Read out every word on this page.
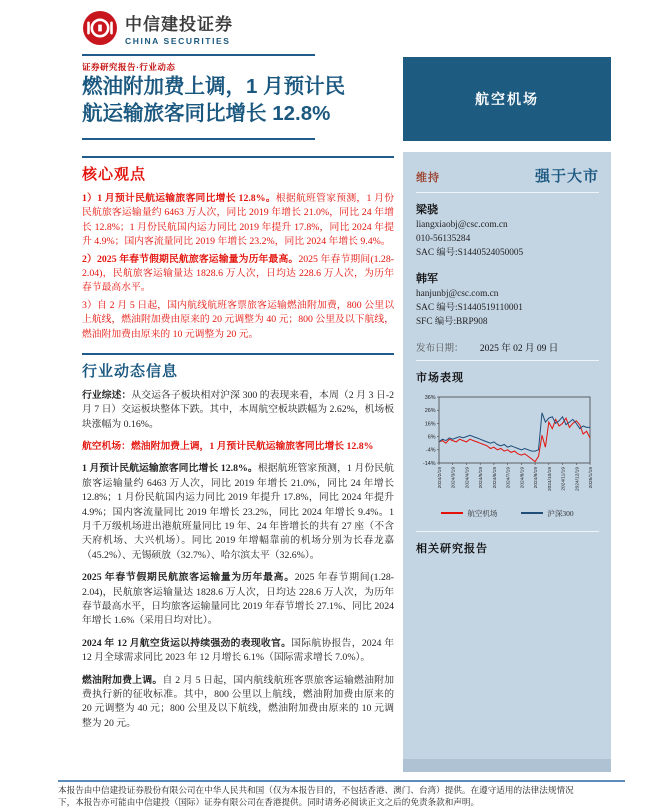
中信建投证券
CHINA SECURITIES
证券研究报告·行业动态
燃油附加费上调，1 月预计民
航运输旅客同比增长 12.8%
航空机场
核心观点

1）1 月预计民航运输旅客同比增长 12.8%。根据航班管家预测，1 月份民航旅客运输量约 6463 万人次，同比 2019 年增长 21.0%，同比 24 年增长 12.8%；1 月份民航国内运力同比 2019 年提升 17.8%，同比 2024 年提升 4.9%；国内客流量同比 2019 年增长 23.2%，同比 2024 年增长 9.4%。

2）2025 年春节假期民航旅客运输量为历年最高。2025 年春节期间(1.28-2.04)，民航旅客运输量达 1828.6 万人次，日均达 228.6 万人次，为历年春节最高水平。

3）自 2 月 5 日起，国内航线航班客票旅客运输燃油附加费，800 公里以上航线，燃油附加费由原来的 20 元调整为 40 元；800 公里及以下航线，燃油附加费由原来的 10 元调整为 20 元。

行业动态信息

行业综述：从交运各子板块相对沪深 300 的表现来看，本周（2 月 3 日-2 月 7 日）交运板块整体下跌。其中，本周航空板块跌幅为 2.62%，机场板块涨幅为 0.16%。

航空机场：燃油附加费上调，1 月预计民航运输旅客同比增长 12.8%

1 月预计民航运输旅客同比增长 12.8%。根据航班管家预测，1 月份民航旅客运输量约 6463 万人次，同比 2019 年增长 21.0%，同比 24 年增长 12.8%；1 月份民航国内运力同比 2019 年提升 17.8%，同比 2024 年提升 4.9%；国内客流量同比 2019 年增长 23.2%，同比 2024 年增长 9.4%。1 月千万级机场进出港航班量同比 19 年、24 年皆增长的共有 27 座（不含天府机场、大兴机场）。同比 2019 年增幅靠前的机场分别为长春龙嘉（45.2%）、无锡硕放（32.7%）、哈尔滨太平（32.6%）。

2025 年春节假期民航旅客运输量为历年最高。2025 年春节期间(1.28-2.04)，民航旅客运输量达 1828.6 万人次，日均达 228.6 万人次，为历年春节最高水平，日均旅客运输量同比 2019 年春节增长 27.1%、同比 2024 年增长 1.6%（采用日均对比）。

2024 年 12 月航空货运以持续强劲的表现收官。国际航协报告，2024 年 12 月全球需求同比 2023 年 12 月增长 6.1%（国际需求增长 7.0%）。

燃油附加费上调。自 2 月 5 日起，国内航线航班客票旅客运输燃油附加费执行新的征收标准。其中，800 公里以上航线，燃油附加费由原来的 20 元调整为 40 元；800 公里及以下航线，燃油附加费由原来的 10 元调整为 20 元。

维持	强于大市
梁骁
liangxiaobj@csc.com.cn
010-56135284
SAC 编号:S1440524050005
韩军
hanjunbj@csc.com.cn
SAC 编号:S1440519110001
SFC 编号:BRP908
发布日期： 2025 年 02 月 09 日
市场表现
36%
26%
16%
6%
-4%
-14%
2024/2/19 2024/3/19 2024/4/19 2024/5/19 2024/6/19 2024/7/19 2024/8/19 2024/9/19 2024/10/19 2024/11/19 2024/12/19 2025/1/19
航空机场	沪深300
相关研究报告
本报告由中信建投证券股份有限公司在中华人民共和国（仅为本报告目的，不包括香港、澳门、台湾）提供。在遵守适用的法律法规情况
下，本报告亦可能由中信建投（国际）证券有限公司在香港提供。同时请务必阅读正文之后的免责条款和声明。
